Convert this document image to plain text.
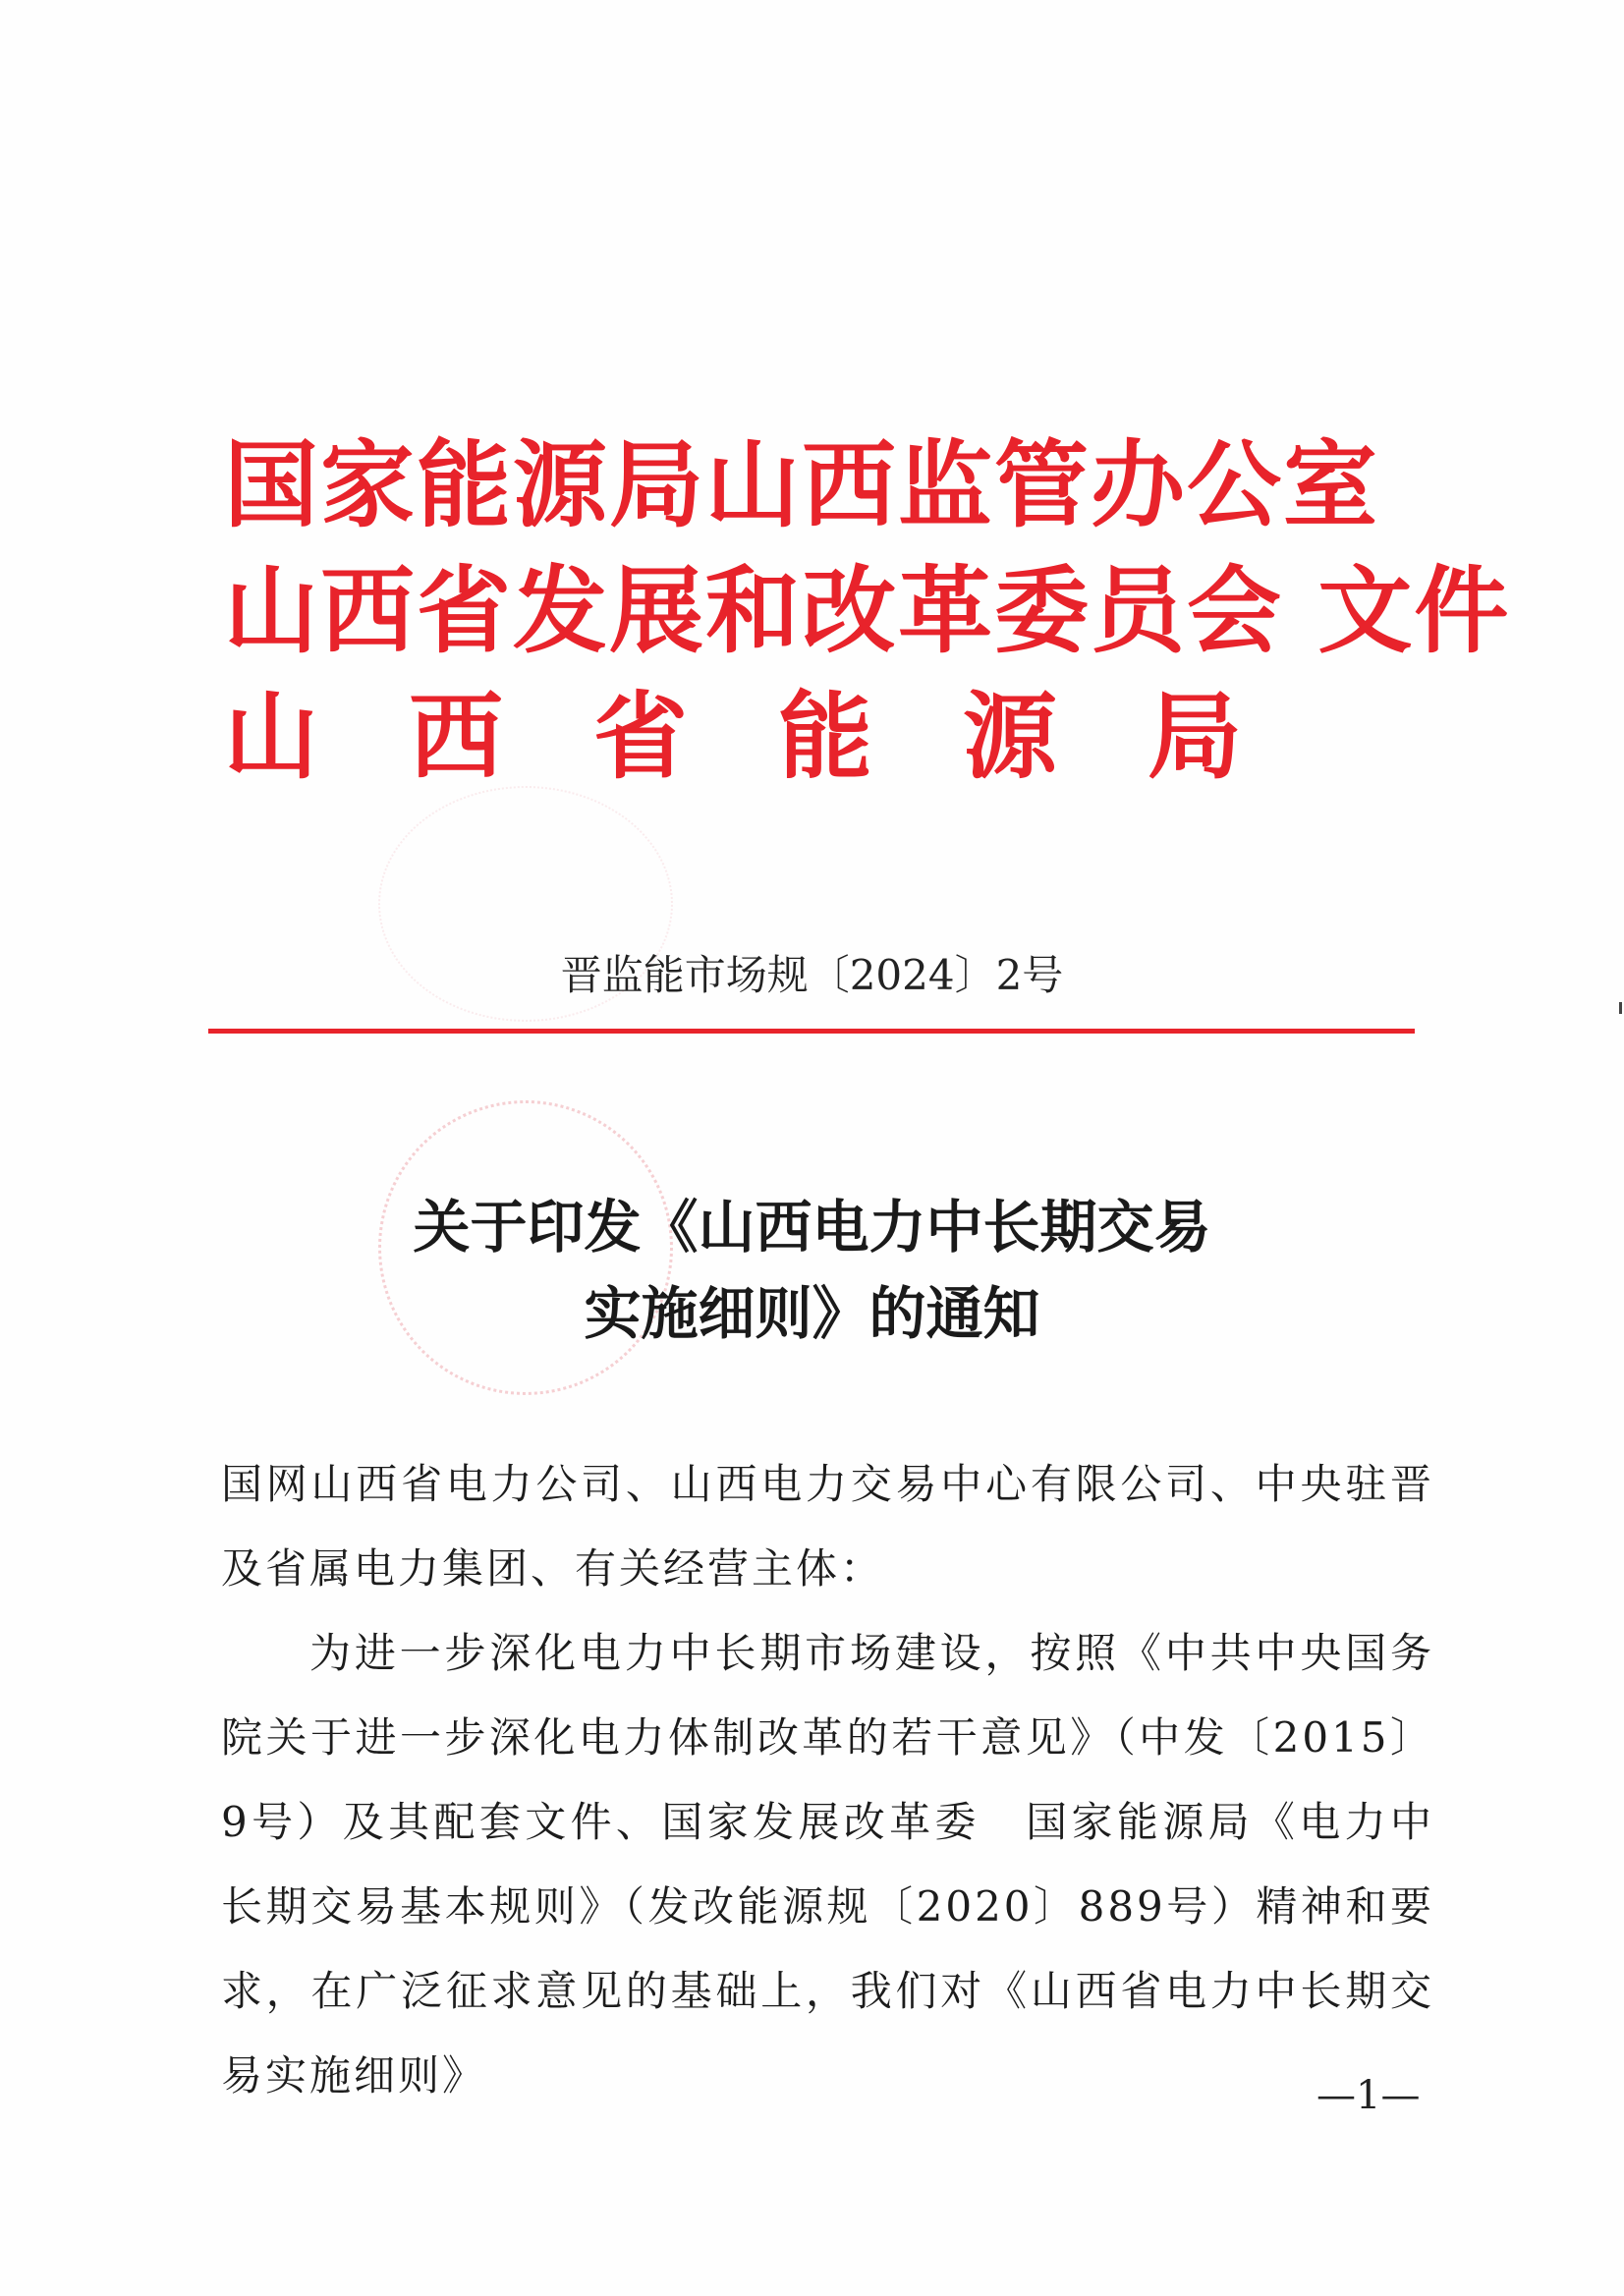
国家能源局山西监管办公室
山西省发展和改革委员会 文件
山西省能源局
晋监能市场规〔2024〕2号
关于印发《山西电力中长期交易
实施细则》的通知

国网山西省电力公司、山西电力交易中心有限公司、中央驻晋及省属电力集团、有关经营主体：

为进一步深化电力中长期市场建设，按照《中共中央国务院关于进一步深化电力体制改革的若干意见》（中发〔2015〕9号）及其配套文件、国家发展改革委　国家能源局《电力中长期交易基本规则》（发改能源规〔2020〕889号）精神和要求，在广泛征求意见的基础上，我们对《山西省电力中长期交易实施细则》	—1—
